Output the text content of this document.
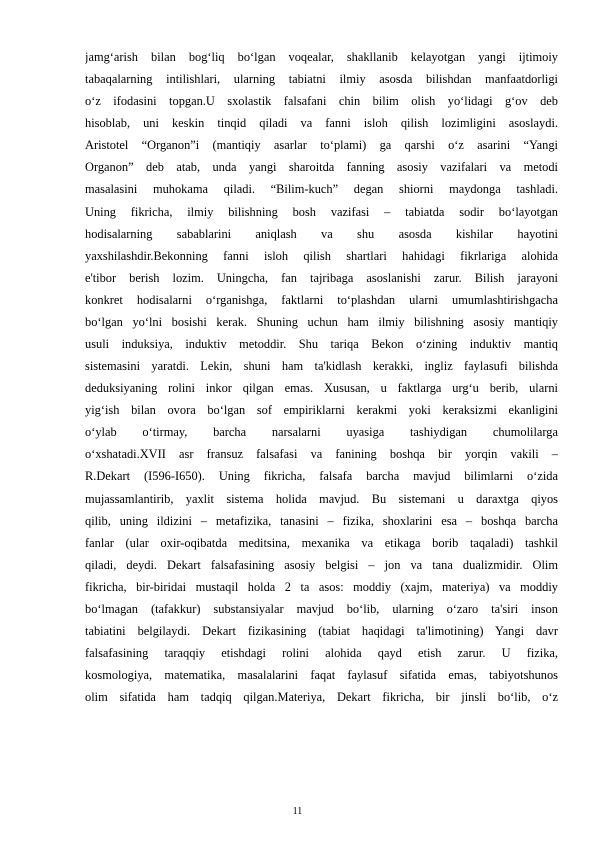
jamg‘arish bilan bog‘liq bo‘lgan voqealar, shakllanib kelayotgan yangi ijtimoiy

tabaqalarning intilishlari, ularning tabiatni ilmiy asosda bilishdan manfaatdorligi

o‘z ifodasini topgan.U sxolastik falsafani chin bilim olish yo‘lidagi g‘ov deb

hisoblab, uni keskin tinqid qiladi va fanni isloh qilish lozimligini asoslaydi.

Aristotel “Organon”i (mantiqiy asarlar to‘plami) ga qarshi o‘z asarini “Yangi

Organon” deb atab, unda yangi sharoitda fanning asosiy vazifalari va metodi

masalasini muhokama qiladi. “Bilim-kuch” degan shiorni maydonga tashladi.

Uning fikricha, ilmiy bilishning bosh vazifasi – tabiatda sodir bo‘layotgan

hodisalarning sabablarini aniqlash va shu asosda kishilar hayotini

yaxshilashdir.Bekonning fanni isloh qilish shartlari hahidagi fikrlariga alohida

e'tibor berish lozim. Uningcha, fan tajribaga asoslanishi zarur. Bilish jarayoni

konkret hodisalarni o‘rganishga, faktlarni to‘plashdan ularni umumlashtirishgacha

bo‘lgan yo‘lni bosishi kerak. Shuning uchun ham ilmiy bilishning asosiy mantiqiy

usuli induksiya, induktiv metoddir. Shu tariqa Bekon o‘zining induktiv mantiq

sistemasini yaratdi. Lekin, shuni ham ta'kidlash kerakki, ingliz faylasufi bilishda

deduksiyaning rolini inkor qilgan emas. Xususan, u faktlarga urg‘u berib, ularni

yig‘ish bilan ovora bo‘lgan sof empiriklarni kerakmi yoki keraksizmi ekanligini

o‘ylab o‘tirmay, barcha narsalarni uyasiga tashiydigan chumolilarga

o‘xshatadi.XVII asr fransuz falsafasi va fanining boshqa bir yorqin vakili –

R.Dekart (I596-I650). Uning fikricha, falsafa barcha mavjud bilimlarni o‘zida

mujassamlantirib, yaxlit sistema holida mavjud. Bu sistemani u daraxtga qiyos

qilib, uning ildizini – metafizika, tanasini – fizika, shoxlarini esa – boshqa barcha

fanlar (ular oxir-oqibatda meditsina, mexanika va etikaga borib taqaladi) tashkil

qiladi, deydi. Dekart falsafasining asosiy belgisi – jon va tana dualizmidir. Olim

fikricha, bir-biridai mustaqil holda 2 ta asos: moddiy (xajm, materiya) va moddiy

bo‘lmagan (tafakkur) substansiyalar mavjud bo‘lib, ularning o‘zaro ta'siri inson

tabiatini belgilaydi. Dekart fizikasining (tabiat haqidagi ta'limotining) Yangi davr

falsafasining taraqqiy etishdagi rolini alohida qayd etish zarur. U fizika,

kosmologiya, matematika, masalalarini faqat faylasuf sifatida emas, tabiyotshunos

olim sifatida ham tadqiq qilgan.Materiya, Dekart fikricha, bir jinsli bo‘lib, o‘z

11
